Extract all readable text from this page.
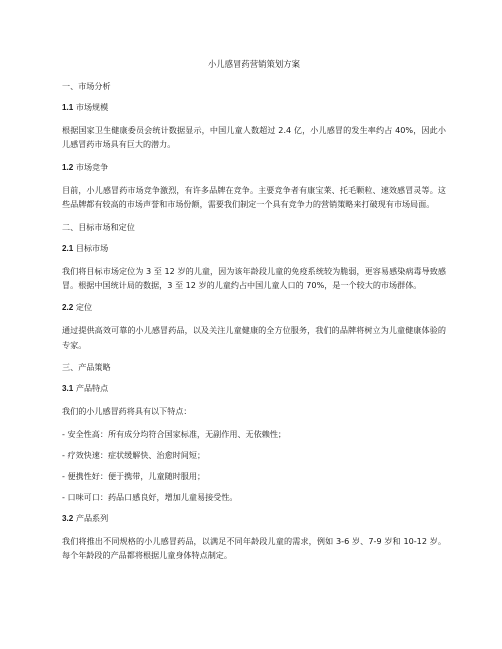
小儿感冒药营销策划方案
一、市场分析
1.1 市场规模
根据国家卫生健康委员会统计数据显示，中国儿童人数超过 2.4 亿，小儿感冒的发生率约占 40%，因此小儿感冒药市场具有巨大的潜力。
1.2 市场竞争
目前，小儿感冒药市场竞争激烈，有许多品牌在竞争。主要竞争者有康宝莱、托毛颗粒、速效感冒灵等。这些品牌都有较高的市场声誉和市场份额，需要我们制定一个具有竞争力的营销策略来打破现有市场局面。
二、目标市场和定位
2.1 目标市场
我们将目标市场定位为 3 至 12 岁的儿童，因为该年龄段儿童的免疫系统较为脆弱，更容易感染病毒导致感冒。根据中国统计局的数据，3 至 12 岁的儿童约占中国儿童人口的 70%，是一个较大的市场群体。
2.2 定位
通过提供高效可靠的小儿感冒药品，以及关注儿童健康的全方位服务，我们的品牌将树立为儿童健康体验的专家。
三、产品策略
3.1 产品特点
我们的小儿感冒药将具有以下特点：
- 安全性高：所有成分均符合国家标准，无副作用、无依赖性；
- 疗效快速：症状缓解快、治愈时间短；
- 便携性好：便于携带，儿童随时服用；
- 口味可口：药品口感良好，增加儿童易接受性。
3.2 产品系列
我们将推出不同规格的小儿感冒药品，以满足不同年龄段儿童的需求，例如 3-6 岁、7-9 岁和 10-12 岁。每个年龄段的产品都将根据儿童身体特点制定。
